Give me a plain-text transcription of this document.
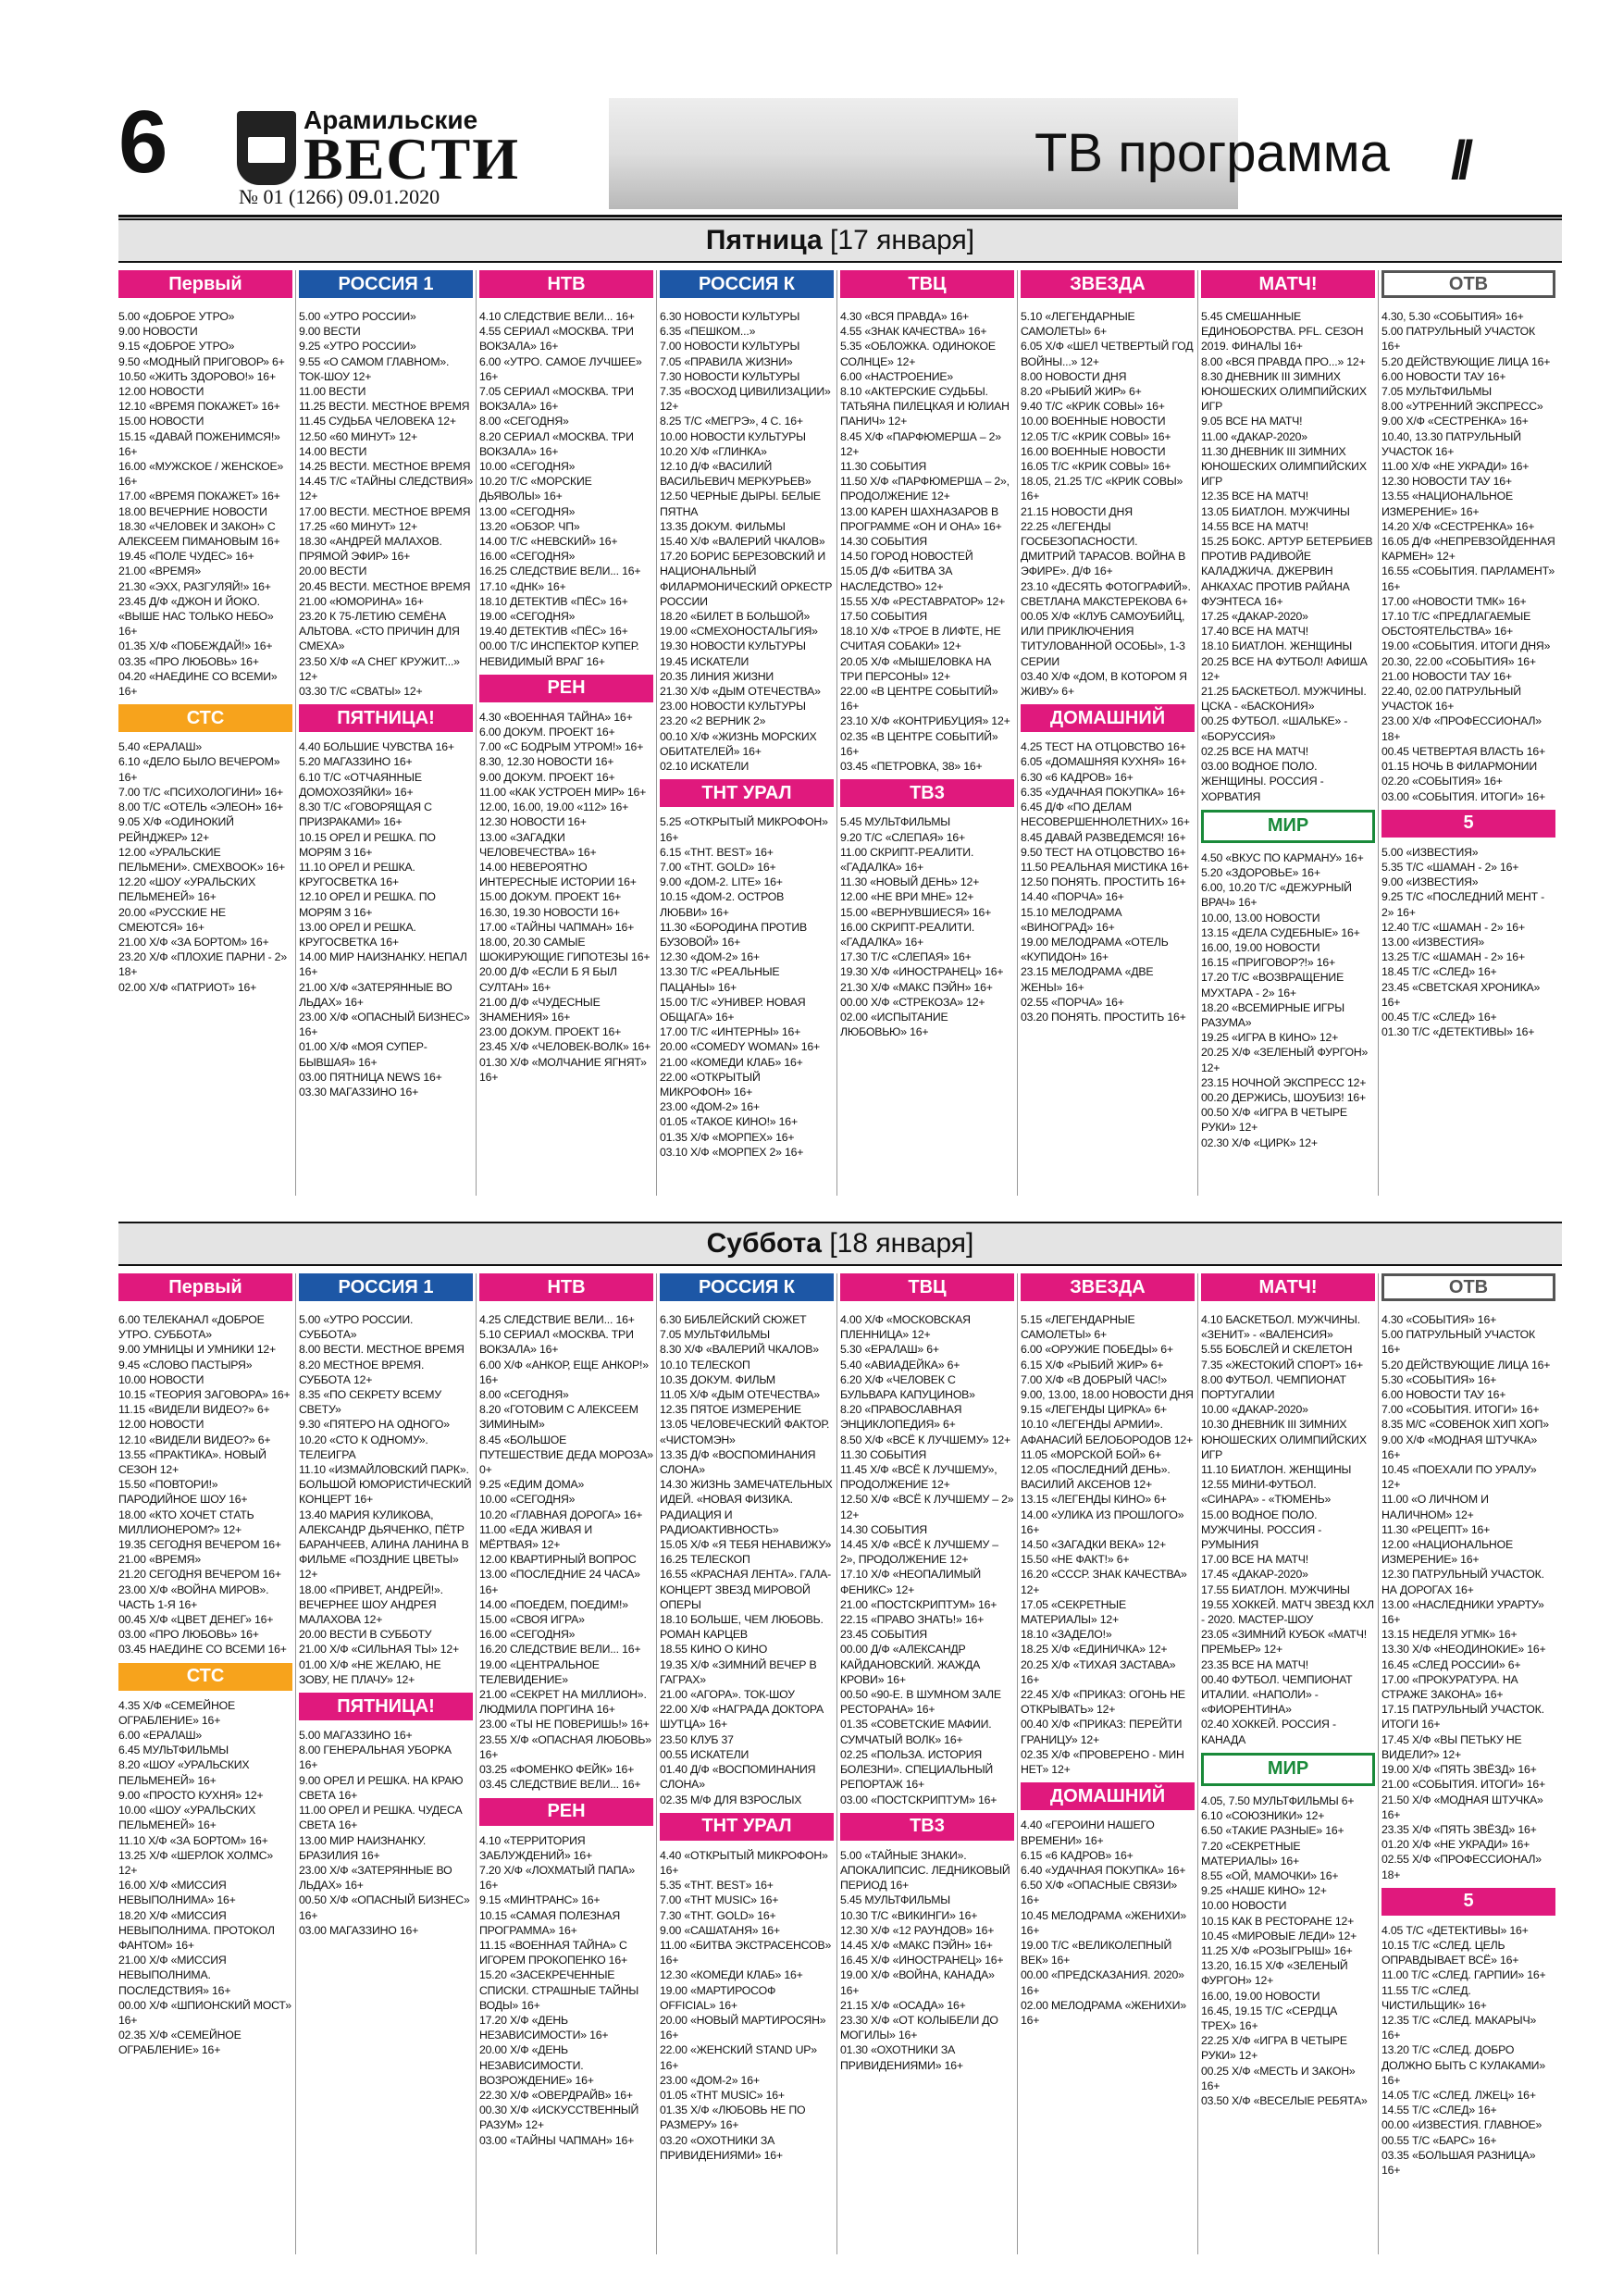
6	Арамильские
ВЕСТИ
№ 01 (1266) 09.01.2020
ТВ программа //
Пятница [17 января]
Первый
5.00 «ДОБРОЕ УТРО»
9.00 НОВОСТИ
9.15 «ДОБРОЕ УТРО»
9.50 «МОДНЫЙ ПРИГОВОР» 6+
10.50 «ЖИТЬ ЗДОРОВО!» 16+
12.00 НОВОСТИ
12.10 «ВРЕМЯ ПОКАЖЕТ» 16+
15.00 НОВОСТИ
15.15 «ДАВАЙ ПОЖЕНИМСЯ!» 16+
16.00 «МУЖСКОЕ / ЖЕНСКОЕ» 16+
17.00 «ВРЕМЯ ПОКАЖЕТ» 16+
18.00 ВЕЧЕРНИЕ НОВОСТИ
18.30 «ЧЕЛОВЕК И ЗАКОН» С АЛЕКСЕЕМ ПИМАНОВЫМ 16+
19.45 «ПОЛЕ ЧУДЕС» 16+
21.00 «ВРЕМЯ»
21.30 «ЭХХ, РАЗГУЛЯЙ!» 16+
23.45 Д/Ф «ДЖОН И ЙОКО. «ВЫШЕ НАС ТОЛЬКО НЕБО» 16+
01.35 Х/Ф «ПОБЕЖДАЙ!» 16+
03.35 «ПРО ЛЮБОВЬ» 16+
04.20 «НАЕДИНЕ СО ВСЕМИ» 16+
СТС
5.40 «ЕРАЛАШ»
6.10 «ДЕЛО БЫЛО ВЕЧЕРОМ» 16+
7.00 Т/С «ПСИХОЛОГИНИ» 16+
8.00 Т/С «ОТЕЛЬ «ЭЛЕОН» 16+
9.05 Х/Ф «ОДИНОКИЙ РЕЙНДЖЕР» 12+
12.00 «УРАЛЬСКИЕ ПЕЛЬМЕНИ». СМЕХBOOK» 16+
12.20 «ШОУ «УРАЛЬСКИХ ПЕЛЬМЕНЕЙ» 16+
20.00 «РУССКИЕ НЕ СМЕЮТСЯ» 16+
21.00 Х/Ф «ЗА БОРТОМ» 16+
23.20 Х/Ф «ПЛОХИЕ ПАРНИ - 2» 18+
02.00 Х/Ф «ПАТРИОТ» 16+
РОССИЯ 1
5.00 «УТРО РОССИИ»
9.00 ВЕСТИ
9.25 «УТРО РОССИИ»
9.55 «О САМОМ ГЛАВНОМ». ТОК-ШОУ 12+
11.00 ВЕСТИ
11.25 ВЕСТИ. МЕСТНОЕ ВРЕМЯ
11.45 СУДЬБА ЧЕЛОВЕКА 12+
12.50 «60 МИНУТ» 12+
14.00 ВЕСТИ
14.25 ВЕСТИ. МЕСТНОЕ ВРЕМЯ
14.45 Т/С «ТАЙНЫ СЛЕДСТВИЯ» 12+
17.00 ВЕСТИ. МЕСТНОЕ ВРЕМЯ
17.25 «60 МИНУТ» 12+
18.30 «АНДРЕЙ МАЛАХОВ. ПРЯМОЙ ЭФИР» 16+
20.00 ВЕСТИ
20.45 ВЕСТИ. МЕСТНОЕ ВРЕМЯ
21.00 «ЮМОРИНА» 16+
23.20 К 75-ЛЕТИЮ СЕМЁНА АЛЬТОВА. «СТО ПРИЧИН ДЛЯ СМЕХА»
23.50 Х/Ф «А СНЕГ КРУЖИТ...» 12+
03.30 Т/С «СВАТЫ» 12+
ПЯТНИЦА!
4.40 БОЛЬШИЕ ЧУВСТВА 16+
5.20 МАГАЗЗИНО 16+
6.10 Т/С «ОТЧАЯННЫЕ ДОМОХОЗЯЙКИ» 16+
8.30 Т/С «ГОВОРЯЩАЯ С ПРИЗРАКАМИ» 16+
10.15 ОРЕЛ И РЕШКА. ПО МОРЯМ 3 16+
11.10 ОРЕЛ И РЕШКА. КРУГОСВЕТКА 16+
12.10 ОРЕЛ И РЕШКА. ПО МОРЯМ 3 16+
13.00 ОРЕЛ И РЕШКА. КРУГОСВЕТКА 16+
14.00 МИР НАИЗНАНКУ. НЕПАЛ 16+
21.00 Х/Ф «ЗАТЕРЯННЫЕ ВО ЛЬДАХ» 16+
23.00 Х/Ф «ОПАСНЫЙ БИЗНЕС» 16+
01.00 Х/Ф «МОЯ СУПЕР-БЫВШАЯ» 16+
03.00 ПЯТНИЦА NEWS 16+
03.30 МАГАЗЗИНО 16+
НТВ
4.10 СЛЕДСТВИЕ ВЕЛИ... 16+
4.55 СЕРИАЛ «МОСКВА. ТРИ ВОКЗАЛА» 16+
6.00 «УТРО. САМОЕ ЛУЧШЕЕ» 16+
7.05 СЕРИАЛ «МОСКВА. ТРИ ВОКЗАЛА» 16+
8.00 «СЕГОДНЯ»
8.20 СЕРИАЛ «МОСКВА. ТРИ ВОКЗАЛА» 16+
10.00 «СЕГОДНЯ»
10.20 Т/С «МОРСКИЕ ДЬЯВОЛЫ» 16+
13.00 «СЕГОДНЯ»
13.20 «ОБЗОР. ЧП»
14.00 Т/С «НЕВСКИЙ» 16+
16.00 «СЕГОДНЯ»
16.25 СЛЕДСТВИЕ ВЕЛИ... 16+
17.10 «ДНК» 16+
18.10 ДЕТЕКТИВ «ПЁС» 16+
19.00 «СЕГОДНЯ»
19.40 ДЕТЕКТИВ «ПЁС» 16+
00.00 Т/С ИНСПЕКТОР КУПЕР. НЕВИДИМЫЙ ВРАГ 16+
РЕН
4.30 «ВОЕННАЯ ТАЙНА» 16+
6.00 ДОКУМ. ПРОЕКТ 16+
7.00 «С БОДРЫМ УТРОМ!» 16+
8.30, 12.30 НОВОСТИ 16+
9.00 ДОКУМ. ПРОЕКТ 16+
11.00 «КАК УСТРОЕН МИР» 16+
12.00, 16.00, 19.00 «112» 16+
12.30 НОВОСТИ 16+
13.00 «ЗАГАДКИ ЧЕЛОВЕЧЕСТВА» 16+
14.00 НЕВЕРОЯТНО ИНТЕРЕСНЫЕ ИСТОРИИ 16+
15.00 ДОКУМ. ПРОЕКТ 16+
16.30, 19.30 НОВОСТИ 16+
17.00 «ТАЙНЫ ЧАПМАН» 16+
18.00, 20.30 САМЫЕ ШОКИРУЮЩИЕ ГИПОТЕЗЫ 16+
20.00 Д/Ф «ЕСЛИ Б Я БЫЛ СУЛТАН» 16+
21.00 Д/Ф «ЧУДЕСНЫЕ ЗНАМЕНИЯ» 16+
23.00 ДОКУМ. ПРОЕКТ 16+
23.45 Х/Ф «ЧЕЛОВЕК-ВОЛК» 16+
01.30 Х/Ф «МОЛЧАНИЕ ЯГНЯТ» 16+
РОССИЯ К
6.30 НОВОСТИ КУЛЬТУРЫ
6.35 «ПЕШКОМ...»
7.00 НОВОСТИ КУЛЬТУРЫ
7.05 «ПРАВИЛА ЖИЗНИ»
7.30 НОВОСТИ КУЛЬТУРЫ
7.35 «ВОСХОД ЦИВИЛИЗАЦИИ» 12+
8.25 Т/С «МЕГРЭ», 4 С. 16+
10.00 НОВОСТИ КУЛЬТУРЫ
10.20 Х/Ф «ГЛИНКА»
12.10 Д/Ф «ВАСИЛИЙ ВАСИЛЬЕВИЧ МЕРКУРЬЕВ»
12.50 ЧЕРНЫЕ ДЫРЫ. БЕЛЫЕ ПЯТНА
13.35 ДОКУМ. ФИЛЬМЫ
15.40 Х/Ф «ВАЛЕРИЙ ЧКАЛОВ»
17.20 БОРИС БЕРЕЗОВСКИЙ И НАЦИОНАЛЬНЫЙ ФИЛАРМОНИЧЕСКИЙ ОРКЕСТР РОССИИ
18.20 «БИЛЕТ В БОЛЬШОЙ»
19.00 «СМЕХОНОСТАЛЬГИЯ»
19.30 НОВОСТИ КУЛЬТУРЫ
19.45 ИСКАТЕЛИ
20.35 ЛИНИЯ ЖИЗНИ
21.30 Х/Ф «ДЫМ ОТЕЧЕСТВА»
23.00 НОВОСТИ КУЛЬТУРЫ
23.20 «2 ВЕРНИК 2»
00.10 Х/Ф «ЖИЗНЬ МОРСКИХ ОБИТАТЕЛЕЙ» 16+
02.10 ИСКАТЕЛИ
ТНТ УРАЛ
5.25 «ОТКРЫТЫЙ МИКРОФОН» 16+
6.15 «ТНТ. BEST» 16+
7.00 «ТНТ. GOLD» 16+
9.00 «ДОМ-2. LITE» 16+
10.15 «ДОМ-2. ОСТРОВ ЛЮБВИ» 16+
11.30 «БОРОДИНА ПРОТИВ БУЗОВОЙ» 16+
12.30 «ДОМ-2» 16+
13.30 Т/С «РЕАЛЬНЫЕ ПАЦАНЫ» 16+
15.00 Т/С «УНИВЕР. НОВАЯ ОБЩАГА» 16+
17.00 Т/С «ИНТЕРНЫ» 16+
20.00 «COMEDY WOMAN» 16+
21.00 «КОМЕДИ КЛАБ» 16+
22.00 «ОТКРЫТЫЙ МИКРОФОН» 16+
23.00 «ДОМ-2» 16+
01.05 «ТАКОЕ КИНО!» 16+
01.35 Х/Ф «МОРПЕХ» 16+
03.10 Х/Ф «МОРПЕХ 2» 16+
ТВЦ
4.30 «ВСЯ ПРАВДА» 16+
4.55 «ЗНАК КАЧЕСТВА» 16+
5.35 «ОБЛОЖКА. ОДИНОКОЕ СОЛНЦЕ» 12+
6.00 «НАСТРОЕНИЕ»
8.10 «АКТЕРСКИЕ СУДЬБЫ. ТАТЬЯНА ПИЛЕЦКАЯ И ЮЛИАН ПАНИЧ» 12+
8.45 Х/Ф «ПАРФЮМЕРША – 2» 12+
11.30 СОБЫТИЯ
11.50 Х/Ф «ПАРФЮМЕРША – 2», ПРОДОЛЖЕНИЕ 12+
13.00 КАРЕН ШАХНАЗАРОВ В ПРОГРАММЕ «ОН И ОНА» 16+
14.30 СОБЫТИЯ
14.50 ГОРОД НОВОСТЕЙ
15.05 Д/Ф «БИТВА ЗА НАСЛЕДСТВО» 12+
15.55 Х/Ф «РЕСТАВРАТОР» 12+
17.50 СОБЫТИЯ
18.10 Х/Ф «ТРОЕ В ЛИФТЕ, НЕ СЧИТАЯ СОБАКИ» 12+
20.05 Х/Ф «МЫШЕЛОВКА НА ТРИ ПЕРСОНЫ» 12+
22.00 «В ЦЕНТРЕ СОБЫТИЙ» 16+
23.10 Х/Ф «КОНТРИБУЦИЯ» 12+
02.35 «В ЦЕНТРЕ СОБЫТИЙ» 16+
03.45 «ПЕТРОВКА, 38» 16+
ТВ3
5.45 МУЛЬТФИЛЬМЫ
9.20 Т/С «СЛЕПАЯ» 16+
11.00 СКРИПТ-РЕАЛИТИ. «ГАДАЛКА» 16+
11.30 «НОВЫЙ ДЕНЬ» 12+
12.00 «НЕ ВРИ МНЕ» 12+
15.00 «ВЕРНУВШИЕСЯ» 16+
16.00 СКРИПТ-РЕАЛИТИ. «ГАДАЛКА» 16+
17.30 Т/С «СЛЕПАЯ» 16+
19.30 Х/Ф «ИНОСТРАНЕЦ» 16+
21.30 Х/Ф «МАКС ПЭЙН» 16+
00.00 Х/Ф «СТРЕКОЗА» 12+
02.00 «ИСПЫТАНИЕ ЛЮБОВЬЮ» 16+
ЗВЕЗДА
5.10 «ЛЕГЕНДАРНЫЕ САМОЛЕТЫ» 6+
6.05 Х/Ф «ШЕЛ ЧЕТВЕРТЫЙ ГОД ВОЙНЫ...» 12+
8.00 НОВОСТИ ДНЯ
8.20 «РЫБИЙ ЖИР» 6+
9.40 Т/С «КРИК СОВЫ» 16+
10.00 ВОЕННЫЕ НОВОСТИ
12.05 Т/С «КРИК СОВЫ» 16+
16.00 ВОЕННЫЕ НОВОСТИ
16.05 Т/С «КРИК СОВЫ» 16+
18.05, 21.25 Т/С «КРИК СОВЫ» 16+
21.15 НОВОСТИ ДНЯ
22.25 «ЛЕГЕНДЫ ГОСБЕЗОПАСНОСТИ. ДМИТРИЙ ТАРАСОВ. ВОЙНА В ЭФИРЕ». Д/Ф 16+
23.10 «ДЕСЯТЬ ФОТОГРАФИЙ». СВЕТЛАНА МАКСТЕРЕКОВА 6+
00.05 Х/Ф «КЛУБ САМОУБИЙЦ, ИЛИ ПРИКЛЮЧЕНИЯ ТИТУЛОВАННОЙ ОСОБЫ», 1-3 СЕРИИ
03.40 Х/Ф «ДОМ, В КОТОРОМ Я ЖИВУ» 6+
ДОМАШНИЙ
4.25 ТЕСТ НА ОТЦОВСТВО 16+
6.05 «ДОМАШНЯЯ КУХНЯ» 16+
6.30 «6 КАДРОВ» 16+
6.35 «УДАЧНАЯ ПОКУПКА» 16+
6.45 Д/Ф «ПО ДЕЛАМ НЕСОВЕРШЕННОЛЕТНИХ» 16+
8.45 ДАВАЙ РАЗВЕДЕМСЯ! 16+
9.50 ТЕСТ НА ОТЦОВСТВО 16+
11.50 РЕАЛЬНАЯ МИСТИКА 16+
12.50 ПОНЯТЬ. ПРОСТИТЬ 16+
14.40 «ПОРЧА» 16+
15.10 МЕЛОДРАМА «ВИНОГРАД» 16+
19.00 МЕЛОДРАМА «ОТЕЛЬ «КУПИДОН» 16+
23.15 МЕЛОДРАМА «ДВЕ ЖЕНЫ» 16+
02.55 «ПОРЧА» 16+
03.20 ПОНЯТЬ. ПРОСТИТЬ 16+
МАТЧ!
5.45 СМЕШАННЫЕ ЕДИНОБОРСТВА. PFL. СЕЗОН 2019. ФИНАЛЫ 16+
8.00 «ВСЯ ПРАВДА ПРО...» 12+
8.30 ДНЕВНИК III ЗИМНИХ ЮНОШЕСКИХ ОЛИМПИЙСКИХ ИГР
9.05 ВСЕ НА МАТЧ!
11.00 «ДАКАР-2020»
11.30 ДНЕВНИК III ЗИМНИХ ЮНОШЕСКИХ ОЛИМПИЙСКИХ ИГР
12.35 ВСЕ НА МАТЧ!
13.05 БИАТЛОН. МУЖЧИНЫ
14.55 ВСЕ НА МАТЧ!
15.25 БОКС. АРТУР БЕТЕРБИЕВ ПРОТИВ РАДИВОЙЕ КАЛАДЖИЧА. ДЖЕРВИН АНКАХАС ПРОТИВ РАЙАНА ФУЭНТЕСА 16+
17.25 «ДАКАР-2020»
17.40 ВСЕ НА МАТЧ!
18.10 БИАТЛОН. ЖЕНЩИНЫ
20.25 ВСЕ НА ФУТБОЛ! АФИША 12+
21.25 БАСКЕТБОЛ. МУЖЧИНЫ. ЦСКА - «БАСКОНИЯ»
00.25 ФУТБОЛ. «ШАЛЬКЕ» - «БОРУССИЯ»
02.25 ВСЕ НА МАТЧ!
03.00 ВОДНОЕ ПОЛО. ЖЕНЩИНЫ. РОССИЯ - ХОРВАТИЯ
МИР
4.50 «ВКУС ПО КАРМАНУ» 16+
5.20 «ЗДОРОВЬЕ» 16+
6.00, 10.20 Т/С «ДЕЖУРНЫЙ ВРАЧ» 16+
10.00, 13.00 НОВОСТИ
13.15 «ДЕЛА СУДЕБНЫЕ» 16+
16.00, 19.00 НОВОСТИ
16.15 «ПРИГОВОР?!» 16+
17.20 Т/С «ВОЗВРАЩЕНИЕ МУХТАРА - 2» 16+
18.20 «ВСЕМИРНЫЕ ИГРЫ РАЗУМА»
19.25 «ИГРА В КИНО» 12+
20.25 Х/Ф «ЗЕЛЕНЫЙ ФУРГОН» 12+
23.15 НОЧНОЙ ЭКСПРЕСС 12+
00.20 ДЕРЖИСЬ, ШОУБИЗ! 16+
00.50 Х/Ф «ИГРА В ЧЕТЫРЕ РУКИ» 12+
02.30 Х/Ф «ЦИРК» 12+
ОТВ
4.30, 5.30 «СОБЫТИЯ» 16+
5.00 ПАТРУЛЬНЫЙ УЧАСТОК 16+
5.20 ДЕЙСТВУЮЩИЕ ЛИЦА 16+
6.00 НОВОСТИ ТАУ 16+
7.05 МУЛЬТФИЛЬМЫ
8.00 «УТРЕННИЙ ЭКСПРЕСС»
9.00 Х/Ф «СЕСТРЕНКА» 16+
10.40, 13.30 ПАТРУЛЬНЫЙ УЧАСТОК 16+
11.00 Х/Ф «НЕ УКРАДИ» 16+
12.30 НОВОСТИ ТАУ 16+
13.55 «НАЦИОНАЛЬНОЕ ИЗМЕРЕНИЕ» 16+
14.20 Х/Ф «СЕСТРЕНКА» 16+
16.05 Д/Ф «НЕПРЕВЗОЙДЕННАЯ КАРМЕН» 12+
16.55 «СОБЫТИЯ. ПАРЛАМЕНТ» 16+
17.00 «НОВОСТИ ТМК» 16+
17.10 Т/С «ПРЕДЛАГАЕМЫЕ ОБСТОЯТЕЛЬСТВА» 16+
19.00 «СОБЫТИЯ. ИТОГИ ДНЯ»
20.30, 22.00 «СОБЫТИЯ» 16+
21.00 НОВОСТИ ТАУ 16+
22.40, 02.00 ПАТРУЛЬНЫЙ УЧАСТОК 16+
23.00 Х/Ф «ПРОФЕССИОНАЛ» 18+
00.45 ЧЕТВЕРТАЯ ВЛАСТЬ 16+
01.15 НОЧЬ В ФИЛАРМОНИИ
02.20 «СОБЫТИЯ» 16+
03.00 «СОБЫТИЯ. ИТОГИ» 16+
5
5.00 «ИЗВЕСТИЯ»
5.35 Т/С «ШАМАН - 2» 16+
9.00 «ИЗВЕСТИЯ»
9.25 Т/С «ПОСЛЕДНИЙ МЕНТ - 2» 16+
12.40 Т/С «ШАМАН - 2» 16+
13.00 «ИЗВЕСТИЯ»
13.25 Т/С «ШАМАН - 2» 16+
18.45 Т/С «СЛЕД» 16+
23.45 «СВЕТСКАЯ ХРОНИКА» 16+
00.45 Т/С «СЛЕД» 16+
01.30 Т/С «ДЕТЕКТИВЫ» 16+
Суббота [18 января]
Первый
6.00 ТЕЛЕКАНАЛ «ДОБРОЕ УТРО. СУББОТА»
9.00 УМНИЦЫ И УМНИКИ 12+
9.45 «СЛОВО ПАСТЫРЯ»
10.00 НОВОСТИ
10.15 «ТЕОРИЯ ЗАГОВОРА» 16+
11.15 «ВИДЕЛИ ВИДЕО?» 6+
12.00 НОВОСТИ
12.10 «ВИДЕЛИ ВИДЕО?» 6+
13.55 «ПРАКТИКА». НОВЫЙ СЕЗОН 12+
15.50 «ПОВТОРИ!» ПАРОДИЙНОЕ ШОУ 16+
18.00 «КТО ХОЧЕТ СТАТЬ МИЛЛИОНЕРОМ?» 12+
19.35 СЕГОДНЯ ВЕЧЕРОМ 16+
21.00 «ВРЕМЯ»
21.20 СЕГОДНЯ ВЕЧЕРОМ 16+
23.00 Х/Ф «ВОЙНА МИРОВ». ЧАСТЬ 1-Я 16+
00.45 Х/Ф «ЦВЕТ ДЕНЕГ» 16+
03.00 «ПРО ЛЮБОВЬ» 16+
03.45 НАЕДИНЕ СО ВСЕМИ 16+
СТС
4.35 Х/Ф «СЕМЕЙНОЕ ОГРАБЛЕНИЕ» 16+
6.00 «ЕРАЛАШ»
6.45 МУЛЬТФИЛЬМЫ
8.20 «ШОУ «УРАЛЬСКИХ ПЕЛЬМЕНЕЙ» 16+
9.00 «ПРОСТО КУХНЯ» 12+
10.00 «ШОУ «УРАЛЬСКИХ ПЕЛЬМЕНЕЙ» 16+
11.10 Х/Ф «ЗА БОРТОМ» 16+
13.25 Х/Ф «ШЕРЛОК ХОЛМС» 12+
16.00 Х/Ф «МИССИЯ НЕВЫПОЛНИМА» 16+
18.20 Х/Ф «МИССИЯ НЕВЫПОЛНИМА. ПРОТОКОЛ ФАНТОМ» 16+
21.00 Х/Ф «МИССИЯ НЕВЫПОЛНИМА. ПОСЛЕДСТВИЯ» 16+
00.00 Х/Ф «ШПИОНСКИЙ МОСТ» 16+
02.35 Х/Ф «СЕМЕЙНОЕ ОГРАБЛЕНИЕ» 16+
РОССИЯ 1
5.00 «УТРО РОССИИ. СУББОТА»
8.00 ВЕСТИ. МЕСТНОЕ ВРЕМЯ
8.20 МЕСТНОЕ ВРЕМЯ. СУББОТА 12+
8.35 «ПО СЕКРЕТУ ВСЕМУ СВЕТУ»
9.30 «ПЯТЕРО НА ОДНОГО»
10.20 «СТО К ОДНОМУ». ТЕЛЕИГРА
11.10 «ИЗМАЙЛОВСКИЙ ПАРК». БОЛЬШОЙ ЮМОРИСТИЧЕСКИЙ КОНЦЕРТ 16+
13.40 МАРИЯ КУЛИКОВА, АЛЕКСАНДР ДЬЯЧЕНКО, ПЁТР БАРАНЧЕЕВ, АЛИНА ЛАНИНА В ФИЛЬМЕ «ПОЗДНИЕ ЦВЕТЫ» 12+
18.00 «ПРИВЕТ, АНДРЕЙ!». ВЕЧЕРНЕЕ ШОУ АНДРЕЯ МАЛАХОВА 12+
20.00 ВЕСТИ В СУББОТУ
21.00 Х/Ф «СИЛЬНАЯ ТЫ» 12+
01.00 Х/Ф «НЕ ЖЕЛАЮ, НЕ ЗОВУ, НЕ ПЛАЧУ» 12+
ПЯТНИЦА!
5.00 МАГАЗЗИНО 16+
8.00 ГЕНЕРАЛЬНАЯ УБОРКА 16+
9.00 ОРЕЛ И РЕШКА. НА КРАЮ СВЕТА 16+
11.00 ОРЕЛ И РЕШКА. ЧУДЕСА СВЕТА 16+
13.00 МИР НАИЗНАНКУ. БРАЗИЛИЯ 16+
23.00 Х/Ф «ЗАТЕРЯННЫЕ ВО ЛЬДАХ» 16+
00.50 Х/Ф «ОПАСНЫЙ БИЗНЕС» 16+
03.00 МАГАЗЗИНО 16+
НТВ
4.25 СЛЕДСТВИЕ ВЕЛИ... 16+
5.10 СЕРИАЛ «МОСКВА. ТРИ ВОКЗАЛА» 16+
6.00 Х/Ф «АНКОР, ЕЩЕ АНКОР!» 16+
8.00 «СЕГОДНЯ»
8.20 «ГОТОВИМ С АЛЕКСЕЕМ ЗИМИНЫМ»
8.45 «БОЛЬШОЕ ПУТЕШЕСТВИЕ ДЕДА МОРОЗА» 0+
9.25 «ЕДИМ ДОМА»
10.00 «СЕГОДНЯ»
10.20 «ГЛАВНАЯ ДОРОГА» 16+
11.00 «ЕДА ЖИВАЯ И МЁРТВАЯ» 12+
12.00 КВАРТИРНЫЙ ВОПРОС
13.00 «ПОСЛЕДНИЕ 24 ЧАСА» 16+
14.00 «ПОЕДЕМ, ПОЕДИМ!»
15.00 «СВОЯ ИГРА»
16.00 «СЕГОДНЯ»
16.20 СЛЕДСТВИЕ ВЕЛИ... 16+
19.00 «ЦЕНТРАЛЬНОЕ ТЕЛЕВИДЕНИЕ»
21.00 «СЕКРЕТ НА МИЛЛИОН». ЛЮДМИЛА ПОРГИНА 16+
23.00 «ТЫ НЕ ПОВЕРИШЬ!» 16+
23.55 Х/Ф «ОПАСНАЯ ЛЮБОВЬ» 16+
03.25 «ФОМЕНКО ФЕЙК» 16+
03.45 СЛЕДСТВИЕ ВЕЛИ... 16+
РЕН
4.10 «ТЕРРИТОРИЯ ЗАБЛУЖДЕНИЙ» 16+
7.20 Х/Ф «ЛОХМАТЫЙ ПАПА» 16+
9.15 «МИНТРАНС» 16+
10.15 «САМАЯ ПОЛЕЗНАЯ ПРОГРАММА» 16+
11.15 «ВОЕННАЯ ТАЙНА» С ИГОРЕМ ПРОКОПЕНКО 16+
15.20 «ЗАСЕКРЕЧЕННЫЕ СПИСКИ. СТРАШНЫЕ ТАЙНЫ ВОДЫ» 16+
17.20 Х/Ф «ДЕНЬ НЕЗАВИСИМОСТИ» 16+
20.00 Х/Ф «ДЕНЬ НЕЗАВИСИМОСТИ. ВОЗРОЖДЕНИЕ» 16+
22.30 Х/Ф «ОВЕРДРАЙВ» 16+
00.30 Х/Ф «ИСКУССТВЕННЫЙ РАЗУМ» 12+
03.00 «ТАЙНЫ ЧАПМАН» 16+
РОССИЯ К
6.30 БИБЛЕЙСКИЙ СЮЖЕТ
7.05 МУЛЬТФИЛЬМЫ
8.30 Х/Ф «ВАЛЕРИЙ ЧКАЛОВ»
10.10 ТЕЛЕСКОП
10.35 ДОКУМ. ФИЛЬМ
11.05 Х/Ф «ДЫМ ОТЕЧЕСТВА»
12.35 ПЯТОЕ ИЗМЕРЕНИЕ
13.05 ЧЕЛОВЕЧЕСКИЙ ФАКТОР. «ЧИСТОМЭН»
13.35 Д/Ф «ВОСПОМИНАНИЯ СЛОНА»
14.30 ЖИЗНЬ ЗАМЕЧАТЕЛЬНЫХ ИДЕЙ. «НОВАЯ ФИЗИКА. РАДИАЦИЯ И РАДИОАКТИВНОСТЬ»
15.05 Х/Ф «Я ТЕБЯ НЕНАВИЖУ»
16.25 ТЕЛЕСКОП
16.55 «КРАСНАЯ ЛЕНТА». ГАЛА-КОНЦЕРТ ЗВЕЗД МИРОВОЙ ОПЕРЫ
18.10 БОЛЬШЕ, ЧЕМ ЛЮБОВЬ. РОМАН КАРЦЕВ
18.55 КИНО О КИНО
19.35 Х/Ф «ЗИМНИЙ ВЕЧЕР В ГАГРАХ»
21.00 «АГОРА». ТОК-ШОУ
22.00 Х/Ф «НАГРАДА ДОКТОРА ШУТЦА» 16+
23.50 КЛУБ 37
00.55 ИСКАТЕЛИ
01.40 Д/Ф «ВОСПОМИНАНИЯ СЛОНА»
02.35 М/Ф ДЛЯ ВЗРОСЛЫХ
ТНТ УРАЛ
4.40 «ОТКРЫТЫЙ МИКРОФОН» 16+
5.35 «ТНТ. BEST» 16+
7.00 «ТНТ MUSIC» 16+
7.30 «ТНТ. GOLD» 16+
9.00 «САШАТАНЯ» 16+
11.00 «БИТВА ЭКСТРАСЕНСОВ» 16+
12.30 «КОМЕДИ КЛАБ» 16+
19.00 «МАРТИРОСОФ OFFICIAL» 16+
20.00 «НОВЫЙ МАРТИРОСЯН» 16+
22.00 «ЖЕНСКИЙ STAND UP» 16+
23.00 «ДОМ-2» 16+
01.05 «ТНТ MUSIC» 16+
01.35 Х/Ф «ЛЮБОВЬ НЕ ПО РАЗМЕРУ» 16+
03.20 «ОХОТНИКИ ЗА ПРИВИДЕНИЯМИ» 16+
ТВЦ
4.00 Х/Ф «МОСКОВСКАЯ ПЛЕННИЦА» 12+
5.30 «ЕРАЛАШ» 6+
5.40 «АВИАДЕЙКА» 6+
6.20 Х/Ф «ЧЕЛОВЕК С БУЛЬВАРА КАПУЦИНОВ»
8.20 «ПРАВОСЛАВНАЯ ЭНЦИКЛОПЕДИЯ» 6+
8.50 Х/Ф «ВСЁ К ЛУЧШЕМУ» 12+
11.30 СОБЫТИЯ
11.45 Х/Ф «ВСЁ К ЛУЧШЕМУ», ПРОДОЛЖЕНИЕ 12+
12.50 Х/Ф «ВСЁ К ЛУЧШЕМУ – 2» 12+
14.30 СОБЫТИЯ
14.45 Х/Ф «ВСЁ К ЛУЧШЕМУ – 2», ПРОДОЛЖЕНИЕ 12+
17.10 Х/Ф «НЕОПАЛИМЫЙ ФЕНИКС» 12+
21.00 «ПОСТСКРИПТУМ» 16+
22.15 «ПРАВО ЗНАТЬ!» 16+
23.45 СОБЫТИЯ
00.00 Д/Ф «АЛЕКСАНДР КАЙДАНОВСКИЙ. ЖАЖДА КРОВИ» 16+
00.50 «90-Е. В ШУМНОМ ЗАЛЕ РЕСТОРАНА» 16+
01.35 «СОВЕТСКИЕ МАФИИ. СУМЧАТЫЙ ВОЛК» 16+
02.25 «ПОЛЬЗА. ИСТОРИЯ БОЛЕЗНИ». СПЕЦИАЛЬНЫЙ РЕПОРТАЖ 16+
03.00 «ПОСТСКРИПТУМ» 16+
ТВ3
5.00 «ТАЙНЫЕ ЗНАКИ». АПОКАЛИПСИС. ЛЕДНИКОВЫЙ ПЕРИОД 16+
5.45 МУЛЬТФИЛЬМЫ
10.30 Т/С «ВИКИНГИ» 16+
12.30 Х/Ф «12 РАУНДОВ» 16+
14.45 Х/Ф «МАКС ПЭЙН» 16+
16.45 Х/Ф «ИНОСТРАНЕЦ» 16+
19.00 Х/Ф «ВОЙНА, КАНАДА» 16+
21.15 Х/Ф «ОСАДА» 16+
23.30 Х/Ф «ОТ КОЛЫБЕЛИ ДО МОГИЛЫ» 16+
01.30 «ОХОТНИКИ ЗА ПРИВИДЕНИЯМИ» 16+
ЗВЕЗДА
5.15 «ЛЕГЕНДАРНЫЕ САМОЛЕТЫ» 6+
6.00 «ОРУЖИЕ ПОБЕДЫ» 6+
6.15 Х/Ф «РЫБИЙ ЖИР» 6+
7.00 Х/Ф «В ДОБРЫЙ ЧАС!»
9.00, 13.00, 18.00 НОВОСТИ ДНЯ
9.15 «ЛЕГЕНДЫ ЦИРКА» 6+
10.10 «ЛЕГЕНДЫ АРМИИ». АФАНАСИЙ БЕЛОБОРОДОВ 12+
11.05 «МОРСКОЙ БОЙ» 6+
12.05 «ПОСЛЕДНИЙ ДЕНЬ». ВАСИЛИЙ АКСЕНОВ 12+
13.15 «ЛЕГЕНДЫ КИНО» 6+
14.00 «УЛИКА ИЗ ПРОШЛОГО» 16+
14.50 «ЗАГАДКИ ВЕКА» 12+
15.50 «НЕ ФАКТ!» 6+
16.20 «СССР. ЗНАК КАЧЕСТВА» 12+
17.05 «СЕКРЕТНЫЕ МАТЕРИАЛЫ» 12+
18.10 «ЗАДЕЛО!»
18.25 Х/Ф «ЕДИНИЧКА» 12+
20.25 Х/Ф «ТИХАЯ ЗАСТАВА» 16+
22.45 Х/Ф «ПРИКАЗ: ОГОНЬ НЕ ОТКРЫВАТЬ» 12+
00.40 Х/Ф «ПРИКАЗ: ПЕРЕЙТИ ГРАНИЦУ» 12+
02.35 Х/Ф «ПРОВЕРЕНО - МИН НЕТ» 12+
ДОМАШНИЙ
4.40 «ГЕРОИНИ НАШЕГО ВРЕМЕНИ» 16+
6.15 «6 КАДРОВ» 16+
6.40 «УДАЧНАЯ ПОКУПКА» 16+
6.50 Х/Ф «ОПАСНЫЕ СВЯЗИ» 16+
10.45 МЕЛОДРАМА «ЖЕНИХИ» 16+
19.00 Т/С «ВЕЛИКОЛЕПНЫЙ ВЕК» 16+
00.00 «ПРЕДСКАЗАНИЯ. 2020» 16+
02.00 МЕЛОДРАМА «ЖЕНИХИ» 16+
МАТЧ!
4.10 БАСКЕТБОЛ. МУЖЧИНЫ. «ЗЕНИТ» - «ВАЛЕНСИЯ»
5.55 БОБСЛЕЙ И СКЕЛЕТОН
7.35 «ЖЕСТОКИЙ СПОРТ» 16+
8.00 ФУТБОЛ. ЧЕМПИОНАТ ПОРТУГАЛИИ
10.00 «ДАКАР-2020»
10.30 ДНЕВНИК III ЗИМНИХ ЮНОШЕСКИХ ОЛИМПИЙСКИХ ИГР
11.10 БИАТЛОН. ЖЕНЩИНЫ
12.55 МИНИ-ФУТБОЛ. «СИНАРА» - «ТЮМЕНЬ»
15.00 ВОДНОЕ ПОЛО. МУЖЧИНЫ. РОССИЯ - РУМЫНИЯ
17.00 ВСЕ НА МАТЧ!
17.45 «ДАКАР-2020»
17.55 БИАТЛОН. МУЖЧИНЫ
19.55 ХОККЕЙ. МАТЧ ЗВЕЗД КХЛ - 2020. МАСТЕР-ШОУ
23.05 «ЗИМНИЙ КУБОК «МАТЧ!ПРЕМЬЕР» 12+
23.35 ВСЕ НА МАТЧ!
00.40 ФУТБОЛ. ЧЕМПИОНАТ ИТАЛИИ. «НАПОЛИ» - «ФИОРЕНТИНА»
02.40 ХОККЕЙ. РОССИЯ - КАНАДА
МИР
4.05, 7.50 МУЛЬТФИЛЬМЫ 6+
6.10 «СОЮЗНИКИ» 12+
6.50 «ТАКИЕ РАЗНЫЕ» 16+
7.20 «СЕКРЕТНЫЕ МАТЕРИАЛЫ» 16+
8.55 «ОЙ, МАМОЧКИ» 16+
9.25 «НАШЕ КИНО» 12+
10.00 НОВОСТИ
10.15 КАК В РЕСТОРАНЕ 12+
10.45 «МИРОВЫЕ ЛЕДИ» 12+
11.25 Х/Ф «РОЗЫГРЫШ» 16+
13.20, 16.15 Х/Ф «ЗЕЛЕНЫЙ ФУРГОН» 12+
16.00, 19.00 НОВОСТИ
16.45, 19.15 Т/С «СЕРДЦА ТРЕХ» 16+
22.25 Х/Ф «ИГРА В ЧЕТЫРЕ РУКИ» 12+
00.25 Х/Ф «МЕСТЬ И ЗАКОН» 16+
03.50 Х/Ф «ВЕСЕЛЫЕ РЕБЯТА»
ОТВ
4.30 «СОБЫТИЯ» 16+
5.00 ПАТРУЛЬНЫЙ УЧАСТОК 16+
5.20 ДЕЙСТВУЮЩИЕ ЛИЦА 16+
5.30 «СОБЫТИЯ» 16+
6.00 НОВОСТИ ТАУ 16+
7.00 «СОБЫТИЯ. ИТОГИ» 16+
8.35 М/С «СОВЕНОК ХИП ХОП»
9.00 Х/Ф «МОДНАЯ ШТУЧКА» 16+
10.45 «ПОЕХАЛИ ПО УРАЛУ» 12+
11.00 «О ЛИЧНОМ И НАЛИЧНОМ» 12+
11.30 «РЕЦЕПТ» 16+
12.00 «НАЦИОНАЛЬНОЕ ИЗМЕРЕНИЕ» 16+
12.30 ПАТРУЛЬНЫЙ УЧАСТОК. НА ДОРОГАХ 16+
13.00 «НАСЛЕДНИКИ УРАРТУ» 16+
13.15 НЕДЕЛЯ УГМК» 16+
13.30 Х/Ф «НЕОДИНОКИЕ» 16+
16.45 «СЛЕД РОССИИ» 6+
17.00 «ПРОКУРАТУРА. НА СТРАЖЕ ЗАКОНА» 16+
17.15 ПАТРУЛЬНЫЙ УЧАСТОК. ИТОГИ 16+
17.45 Х/Ф «ВЫ ПЕТЬКУ НЕ ВИДЕЛИ?» 12+
19.00 Х/Ф «ПЯТЬ ЗВЁЗД» 16+
21.00 «СОБЫТИЯ. ИТОГИ» 16+
21.50 Х/Ф «МОДНАЯ ШТУЧКА» 16+
23.35 Х/Ф «ПЯТЬ ЗВЁЗД» 16+
01.20 Х/Ф «НЕ УКРАДИ» 16+
02.55 Х/Ф «ПРОФЕССИОНАЛ» 18+
5
4.05 Т/С «ДЕТЕКТИВЫ» 16+
10.15 Т/С «СЛЕД. ЦЕЛЬ ОПРАВДЫВАЕТ ВСЁ» 16+
11.00 Т/С «СЛЕД. ГАРПИИ» 16+
11.55 Т/С «СЛЕД. ЧИСТИЛЬЩИК» 16+
12.35 Т/С «СЛЕД. МАКАРЫЧ» 16+
13.20 Т/С «СЛЕД. ДОБРО ДОЛЖНО БЫТЬ С КУЛАКАМИ» 16+
14.05 Т/С «СЛЕД. ЛЖЕЦ» 16+
14.55 Т/С «СЛЕД» 16+
00.00 «ИЗВЕСТИЯ. ГЛАВНОЕ»
00.55 Т/С «БАРС» 16+
03.35 «БОЛЬШАЯ РАЗНИЦА» 16+
